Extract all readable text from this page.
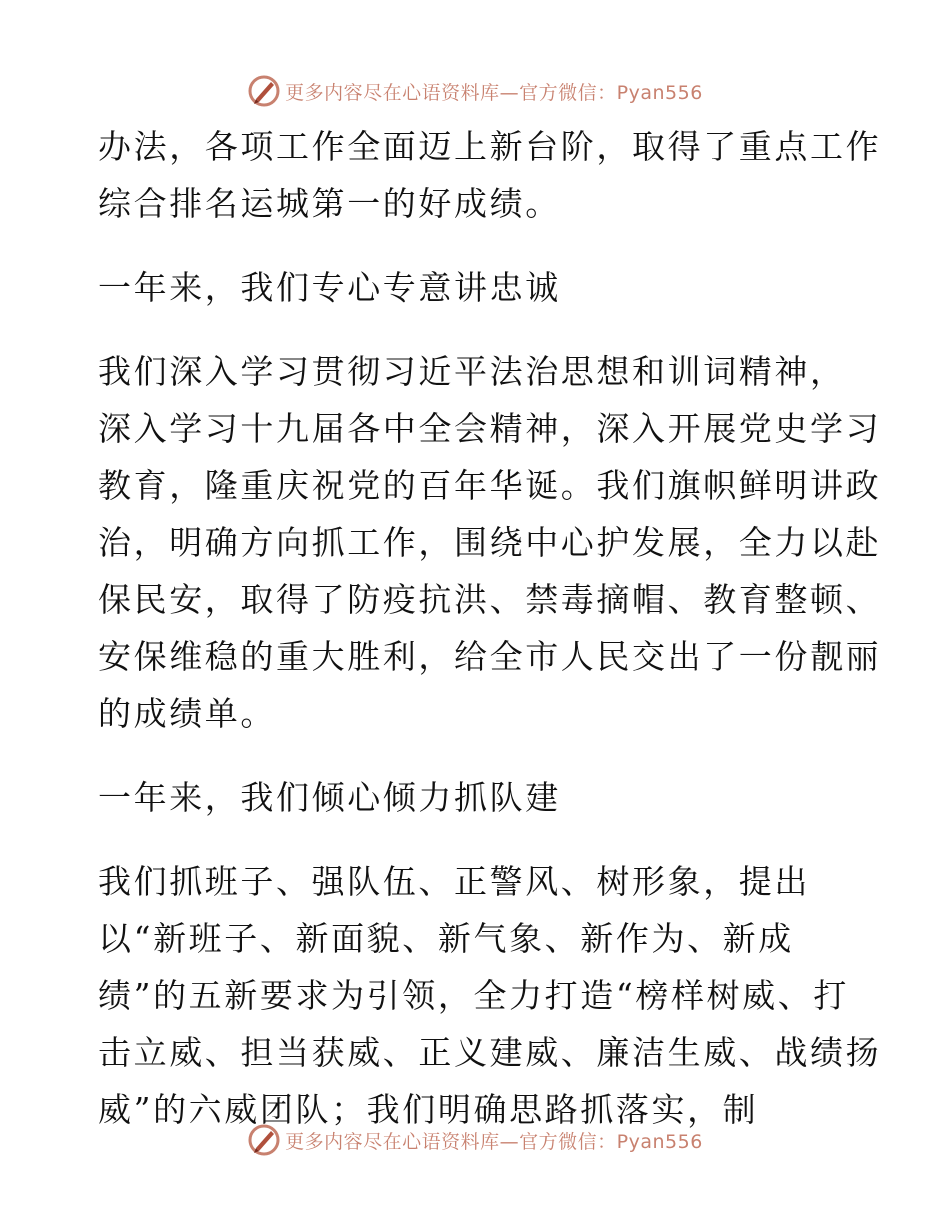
更多内容尽在心语资料库—官方微信：Pyan556
办法，各项工作全面迈上新台阶，取得了重点工作
综合排名运城第一的好成绩。
一年来，我们专心专意讲忠诚
我们深入学习贯彻习近平法治思想和训词精神，
深入学习十九届各中全会精神，深入开展党史学习
教育，隆重庆祝党的百年华诞。我们旗帜鲜明讲政
治，明确方向抓工作，围绕中心护发展，全力以赴
保民安，取得了防疫抗洪、禁毒摘帽、教育整顿、
安保维稳的重大胜利，给全市人民交出了一份靓丽
的成绩单。
一年来，我们倾心倾力抓队建
我们抓班子、强队伍、正警风、树形象，提出
以“新班子、新面貌、新气象、新作为、新成
绩”的五新要求为引领，全力打造“榜样树威、打
击立威、担当获威、正义建威、廉洁生威、战绩扬
威”的六威团队；我们明确思路抓落实，制
更多内容尽在心语资料库—官方微信：Pyan556
